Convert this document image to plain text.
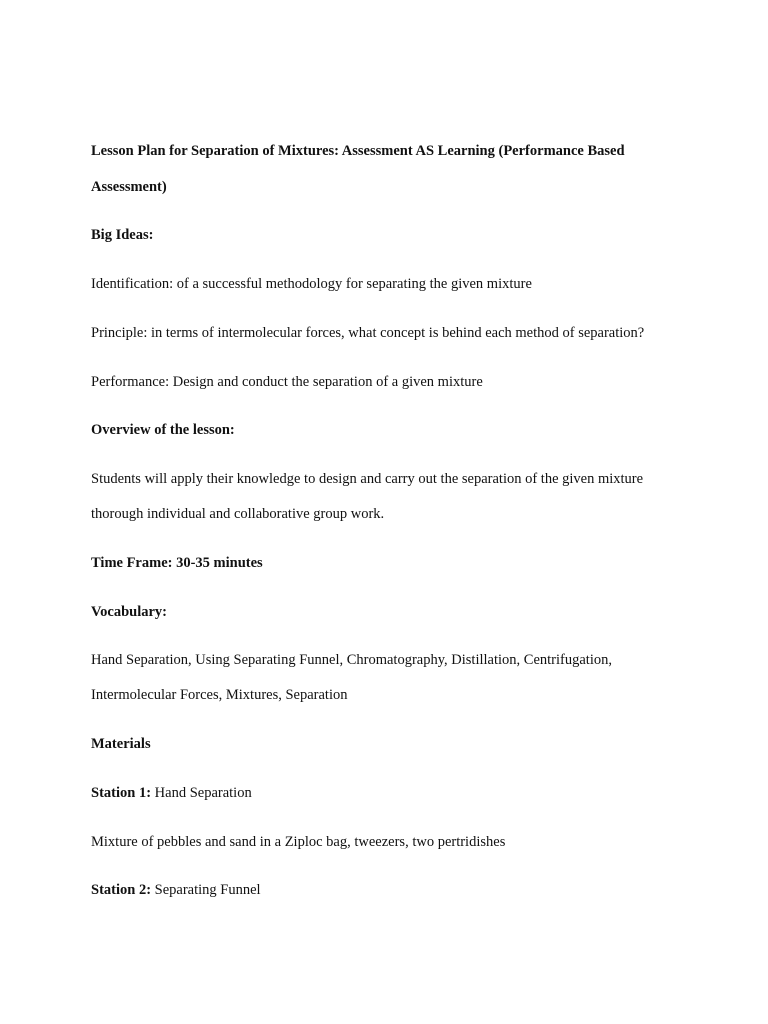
Lesson Plan for Separation of Mixtures: Assessment AS Learning (Performance Based
Assessment)
Big Ideas:
Identification: of a successful methodology for separating the given mixture
Principle: in terms of intermolecular forces, what concept is behind each method of separation?
Performance: Design and conduct the separation of a given mixture
Overview of the lesson:
Students will apply their knowledge to design and carry out the separation of the given mixture
thorough individual and collaborative group work.
Time Frame: 30-35 minutes
Vocabulary:
Hand Separation, Using Separating Funnel, Chromatography, Distillation, Centrifugation,
Intermolecular Forces, Mixtures, Separation
Materials
Station 1: Hand Separation
Mixture of pebbles and sand in a Ziploc bag, tweezers, two pertridishes
Station 2: Separating Funnel
